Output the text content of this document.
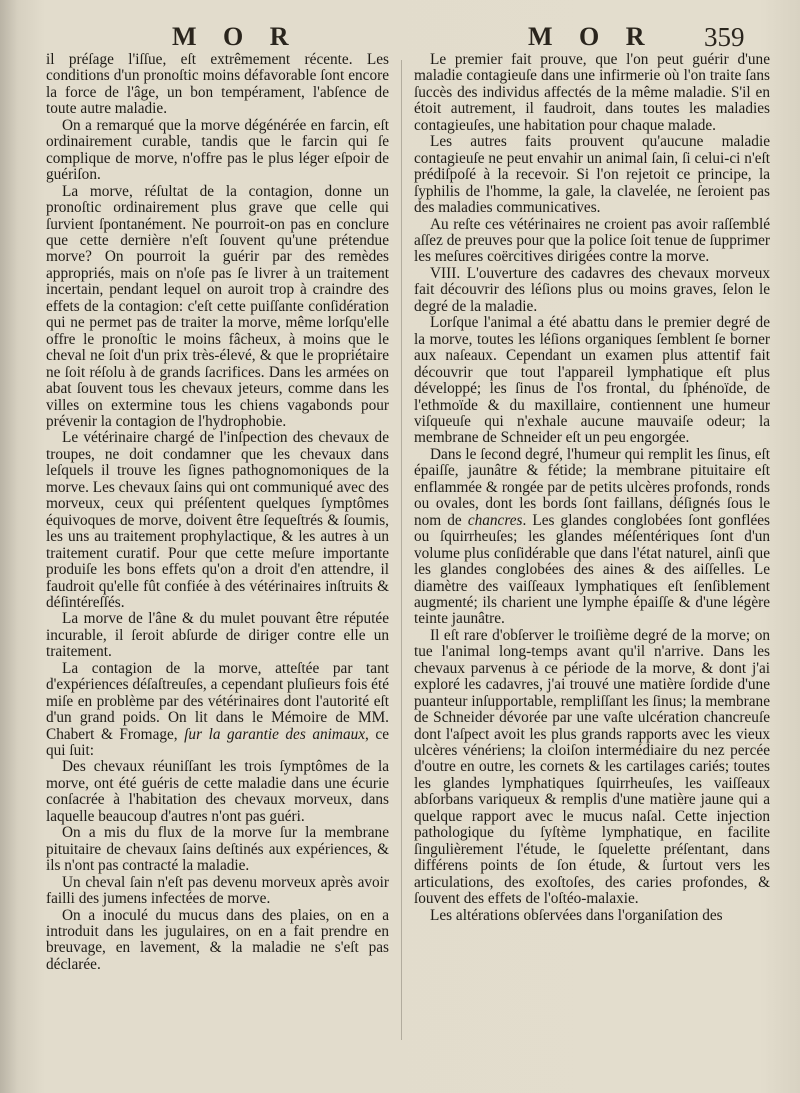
M O R	M O R 359

il préſage l'iſſue, eſt extrêmement récente. Les conditions d'un pronoſtic moins défavorable ſont encore la force de l'âge, un bon tempérament, l'abſence de toute autre maladie.

On a remarqué que la morve dégénérée en farcin, eſt ordinairement curable, tandis que le farcin qui ſe complique de morve, n'offre pas le plus léger eſpoir de guériſon.

La morve, réſultat de la contagion, donne un pronoſtic ordinairement plus grave que celle qui ſurvient ſpontanément. Ne pourroit-on pas en conclure que cette dernière n'eſt ſouvent qu'une prétendue morve? On pourroit la guérir par des remèdes appropriés, mais on n'oſe pas ſe livrer à un traitement incertain, pendant lequel on auroit trop à craindre des effets de la contagion: c'eſt cette puiſſante conſidération qui ne permet pas de traiter la morve, même lorſqu'elle offre le pronoſtic le moins fâcheux, à moins que le cheval ne ſoit d'un prix très-élevé, & que le propriétaire ne ſoit réſolu à de grands ſacrifices. Dans les armées on abat ſouvent tous les chevaux jeteurs, comme dans les villes on extermine tous les chiens vagabonds pour prévenir la contagion de l'hydrophobie.

Le vétérinaire chargé de l'inſpection des chevaux de troupes, ne doit condamner que les chevaux dans leſquels il trouve les ſignes pathognomoniques de la morve. Les chevaux ſains qui ont communiqué avec des morveux, ceux qui préſentent quelques ſymptômes équivoques de morve, doivent être ſequeſtrés & ſoumis, les uns au traitement prophylactique, & les autres à un traitement curatif. Pour que cette meſure importante produiſe les bons effets qu'on a droit d'en attendre, il faudroit qu'elle fût confiée à des vétérinaires inſtruits & déſintéreſſés.

La morve de l'âne & du mulet pouvant être réputée incurable, il ſeroit abſurde de diriger contre elle un traitement.

La contagion de la morve, atteſtée par tant d'expériences déſaſtreuſes, a cependant pluſieurs fois été miſe en problème par des vétérinaires dont l'autorité eſt d'un grand poids. On lit dans le Mémoire de MM. Chabert & Fromage, ſur la garantie des animaux, ce qui ſuit:

Des chevaux réuniſſant les trois ſymptômes de la morve, ont été guéris de cette maladie dans une écurie conſacrée à l'habitation des chevaux morveux, dans laquelle beaucoup d'autres n'ont pas guéri.

On a mis du flux de la morve ſur la membrane pituitaire de chevaux ſains deſtinés aux expériences, & ils n'ont pas contracté la maladie.

Un cheval ſain n'eſt pas devenu morveux après avoir failli des jumens infectées de morve.

On a inoculé du mucus dans des plaies, on en a introduit dans les jugulaires, on en a fait prendre en breuvage, en lavement, & la maladie ne s'eſt pas déclarée.

Le premier fait prouve, que l'on peut guérir d'une maladie contagieuſe dans une infirmerie où l'on traite ſans ſuccès des individus affectés de la même maladie. S'il en étoit autrement, il faudroit, dans toutes les maladies contagieuſes, une habitation pour chaque malade.

Les autres faits prouvent qu'aucune maladie contagieuſe ne peut envahir un animal ſain, ſi celui-ci n'eſt prédiſpoſé à la recevoir. Si l'on rejetoit ce principe, la ſyphilis de l'homme, la gale, la clavelée, ne ſeroient pas des maladies communicatives.

Au reſte ces vétérinaires ne croient pas avoir raſſemblé aſſez de preuves pour que la police ſoit tenue de ſupprimer les meſures coërcitives dirigées contre la morve.

VIII. L'ouverture des cadavres des chevaux morveux fait découvrir des léſions plus ou moins graves, ſelon le degré de la maladie.

Lorſque l'animal a été abattu dans le premier degré de la morve, toutes les léſions organiques ſemblent ſe borner aux naſeaux. Cependant un examen plus attentif fait découvrir que tout l'appareil lymphatique eſt plus développé; les ſinus de l'os frontal, du ſphénoïde, de l'ethmoïde & du maxillaire, contiennent une humeur viſqueuſe qui n'exhale aucune mauvaiſe odeur; la membrane de Schneider eſt un peu engorgée.

Dans le ſecond degré, l'humeur qui remplit les ſinus, eſt épaiſſe, jaunâtre & fétide; la membrane pituitaire eſt enflammée & rongée par de petits ulcères profonds, ronds ou ovales, dont les bords ſont faillans, déſignés ſous le nom de chancres. Les glandes conglobées ſont gonflées ou ſquirrheuſes; les glandes méſentériques ſont d'un volume plus conſidérable que dans l'état naturel, ainſi que les glandes conglobées des aines & des aiſſelles. Le diamètre des vaiſſeaux lymphatiques eſt ſenſiblement augmenté; ils charient une lymphe épaiſſe & d'une légère teinte jaunâtre.

Il eſt rare d'obſerver le troiſième degré de la morve; on tue l'animal long-temps avant qu'il n'arrive. Dans les chevaux parvenus à ce période de la morve, & dont j'ai exploré les cadavres, j'ai trouvé une matière ſordide d'une puanteur inſupportable, rempliſſant les ſinus; la membrane de Schneider dévorée par une vaſte ulcération chancreuſe dont l'aſpect avoit les plus grands rapports avec les vieux ulcères vénériens; la cloiſon intermédiaire du nez percée d'outre en outre, les cornets & les cartilages cariés; toutes les glandes lymphatiques ſquirrheuſes, les vaiſſeaux abſorbans variqueux & remplis d'une matière jaune qui a quelque rapport avec le mucus naſal. Cette injection pathologique du ſyſtème lymphatique, en facilite ſingulièrement l'étude, le ſquelette préſentant, dans différens points de ſon étude, & ſurtout vers les articulations, des exoſtoſes, des caries profondes, & ſouvent des effets de l'oſtéo-malaxie.

Les altérations obſervées dans l'organiſation des
